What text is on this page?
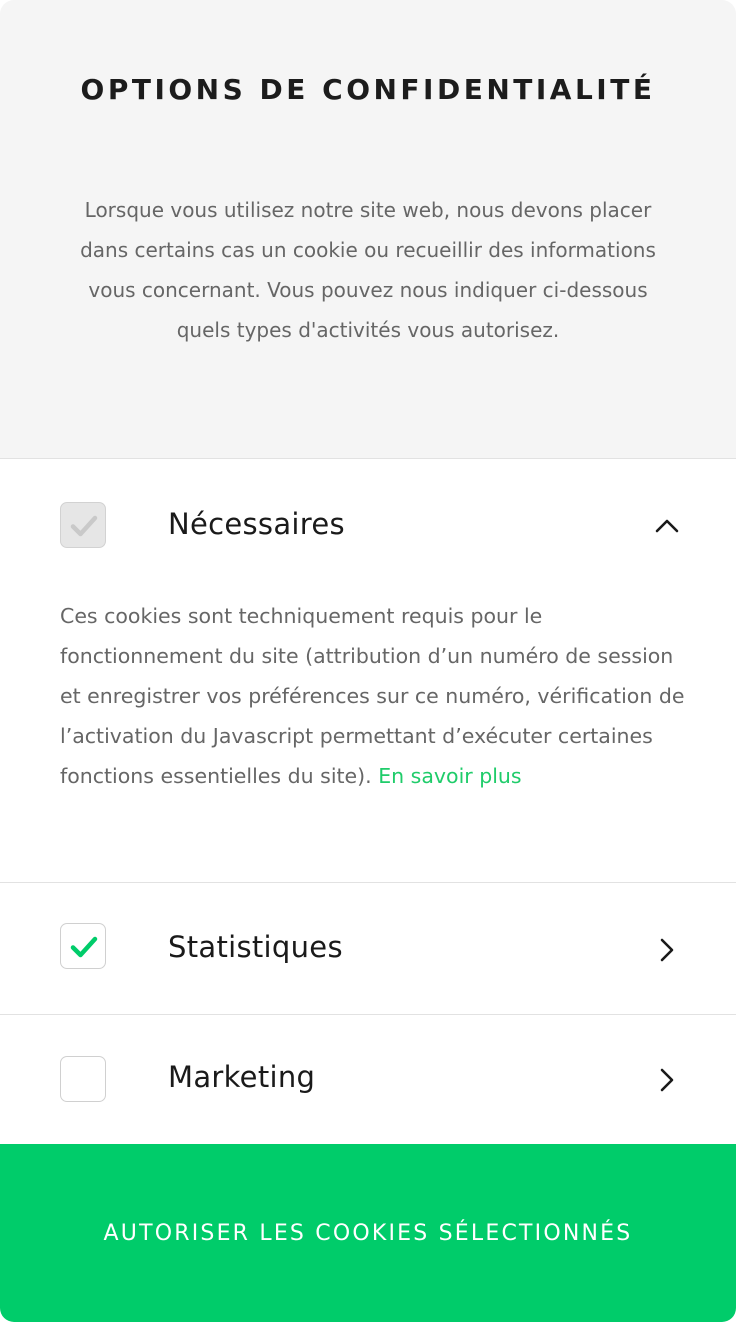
OPTIONS DE CONFIDENTIALITÉ

Lorsque vous utilisez notre site web, nous devons placer dans certains cas un cookie ou recueillir des informations vous concernant. Vous pouvez nous indiquer ci-dessous quels types d'activités vous autorisez.

Nécessaires

Ces cookies sont techniquement requis pour le fonctionnement du site (attribution d’un numéro de session et enregistrer vos préférences sur ce numéro, vérification de l’activation du Javascript permettant d’exécuter certaines fonctions essentielles du site). En savoir plus

Statistiques
Marketing
AUTORISER LES COOKIES SÉLECTIONNÉS
